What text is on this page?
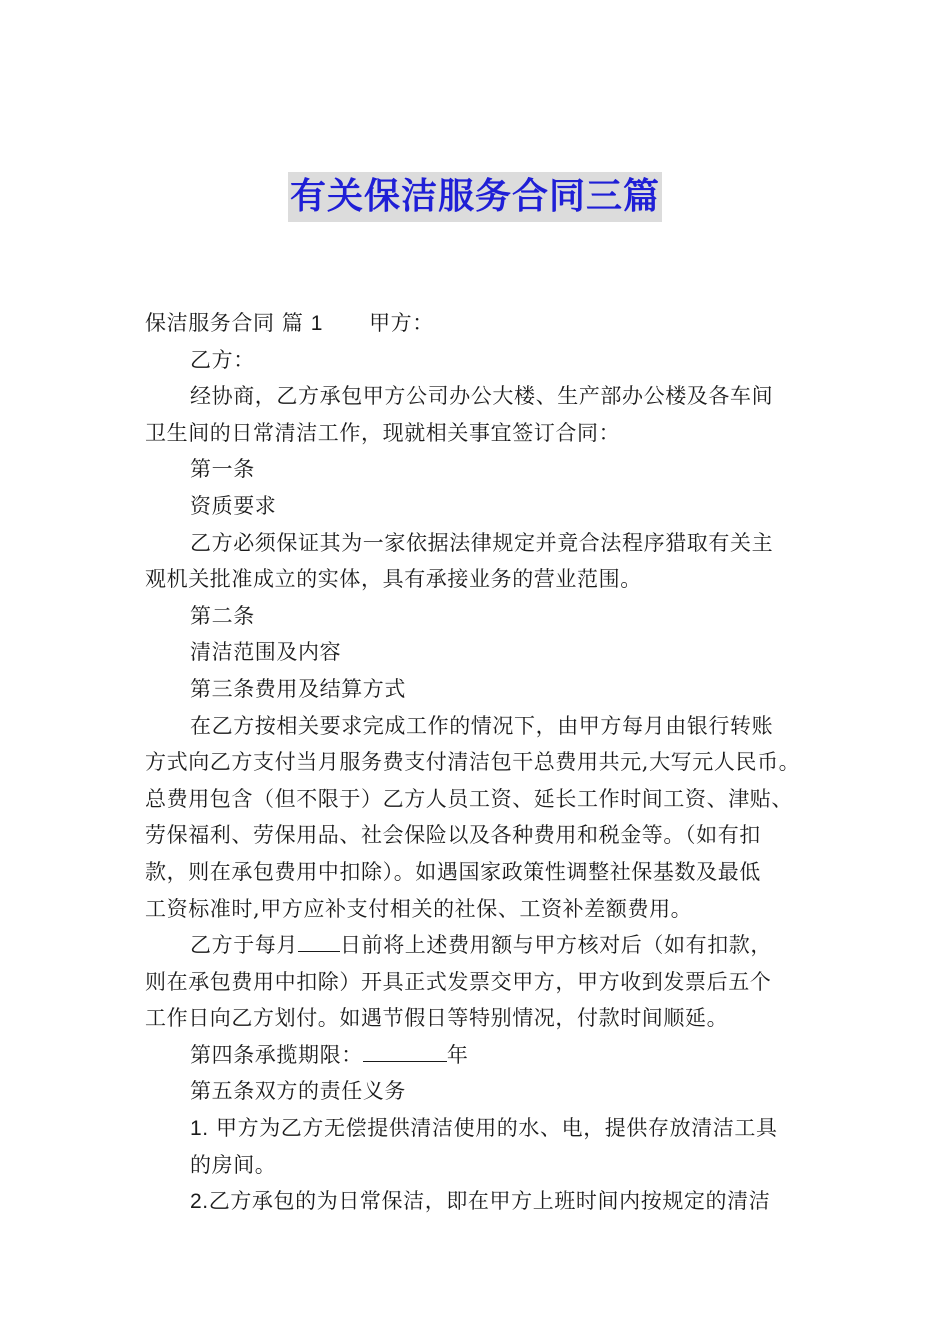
有关保洁服务合同三篇
保洁服务合同 篇 1 甲方：
乙方：
经协商，乙方承包甲方公司办公大楼、生产部办公楼及各车间
卫生间的日常清洁工作，现就相关事宜签订合同：
第一条
资质要求
乙方必须保证其为一家依据法律规定并竟合法程序猎取有关主
观机关批准成立的实体，具有承接业务的营业范围。
第二条
清洁范围及内容
第三条费用及结算方式
在乙方按相关要求完成工作的情况下，由甲方每月由银行转账
方式向乙方支付当月服务费支付清洁包干总费用共元,大写元人民币。
总费用包含（但不限于）乙方人员工资、延长工作时间工资、津贴、
劳保福利、劳保用品、社会保险以及各种费用和税金等。（如有扣
款，则在承包费用中扣除）。如遇国家政策性调整社保基数及最低
工资标准时,甲方应补支付相关的社保、工资补差额费用。
乙方于每月 日前将上述费用额与甲方核对后（如有扣款，
则在承包费用中扣除）开具正式发票交甲方，甲方收到发票后五个
工作日向乙方划付。如遇节假日等特别情况，付款时间顺延。
第四条承揽期限：	年
第五条双方的责任义务
1. 甲方为乙方无偿提供清洁使用的水、电，提供存放清洁工具
的房间。
2.乙方承包的为日常保洁，即在甲方上班时间内按规定的清洁
